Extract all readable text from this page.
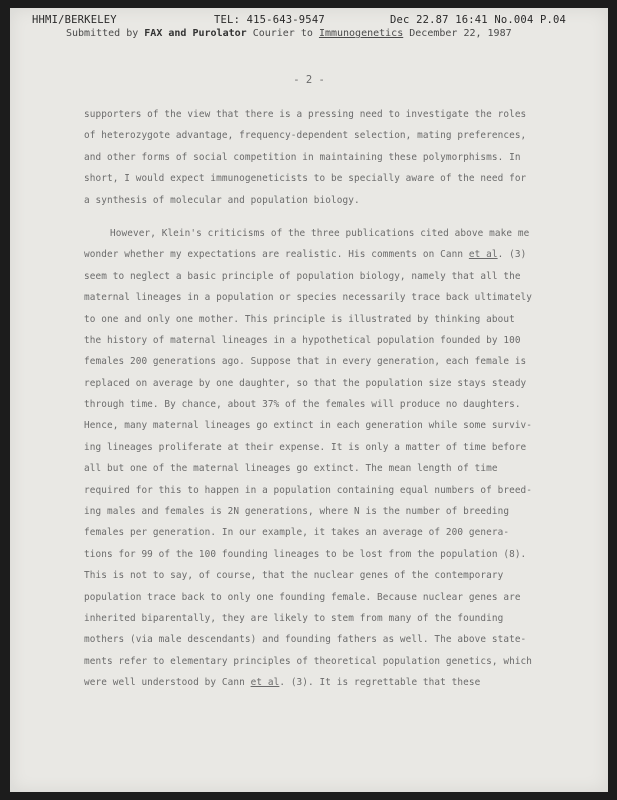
HHMI/BERKELEY

	TEL: 415-643-9547

	Dec 22.87 16:41 No.004 P.04

Submitted by FAX and Purolator Courier to Immunogenetics December 22, 1987
- 2 -
supporters of the view that there is a pressing need to investigate the roles
of heterozygote advantage, frequency-dependent selection, mating preferences,
and other forms of social competition in maintaining these polymorphisms. In
short, I would expect immunogeneticists to be specially aware of the need for
a synthesis of molecular and population biology.
However, Klein's criticisms of the three publications cited above make me
wonder whether my expectations are realistic. His comments on Cann et al. (3)
seem to neglect a basic principle of population biology, namely that all the
maternal lineages in a population or species necessarily trace back ultimately
to one and only one mother. This principle is illustrated by thinking about
the history of maternal lineages in a hypothetical population founded by 100
females 200 generations ago. Suppose that in every generation, each female is
replaced on average by one daughter, so that the population size stays steady
through time. By chance, about 37% of the females will produce no daughters.
Hence, many maternal lineages go extinct in each generation while some surviv-
ing lineages proliferate at their expense. It is only a matter of time before
all but one of the maternal lineages go extinct. The mean length of time
required for this to happen in a population containing equal numbers of breed-
ing males and females is 2N generations, where N is the number of breeding
females per generation. In our example, it takes an average of 200 genera-
tions for 99 of the 100 founding lineages to be lost from the population (8).
This is not to say, of course, that the nuclear genes of the contemporary
population trace back to only one founding female. Because nuclear genes are
inherited biparentally, they are likely to stem from many of the founding
mothers (via male descendants) and founding fathers as well. The above state-
ments refer to elementary principles of theoretical population genetics, which
were well understood by Cann et al. (3). It is regrettable that these
